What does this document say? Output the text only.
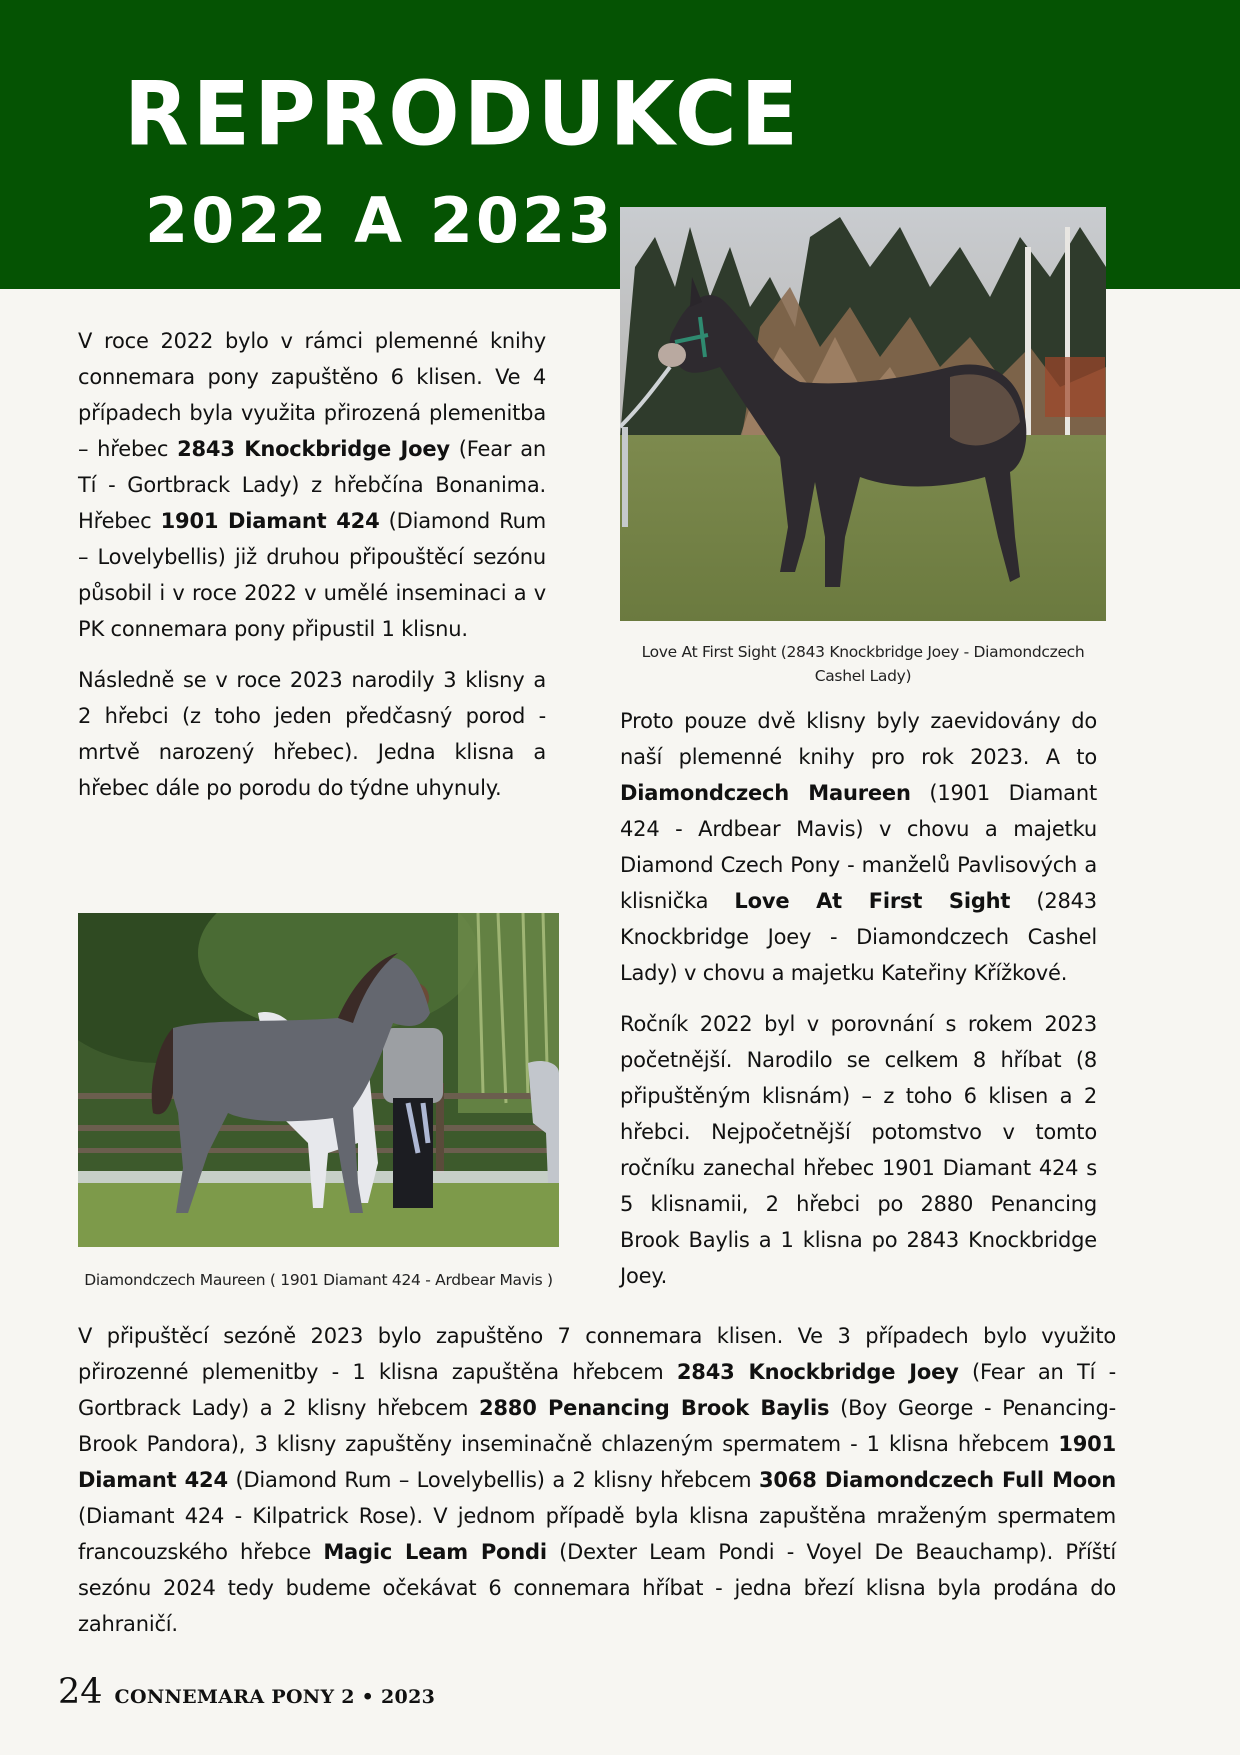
REPRODUKCE
2022 A 2023
Love At First Sight (2843 Knockbridge Joey - Diamondczech Cashel Lady)
Diamondczech Maureen ( 1901 Diamant 424 - Ardbear Mavis )

V roce 2022 bylo v rámci plemenné knihy connemara pony zapuštěno 6 klisen. Ve 4 případech byla využita přirozená plemenitba – hřebec 2843 Knockbridge Joey (Fear an Tí - Gortbrack Lady) z hřebčína Bonanima. Hřebec 1901 Diamant 424 (Diamond Rum – Lovelybellis) již druhou připouštěcí sezónu působil i v roce 2022 v umělé inseminaci a v PK connemara pony připustil 1 klisnu.

Následně se v roce 2023 narodily 3 klisny a 2 hřebci (z toho jeden předčasný porod - mrtvě narozený hřebec). Jedna klisna a hřebec dále po porodu do týdne uhynuly.

Proto pouze dvě klisny byly zaevidovány do naší plemenné knihy pro rok 2023. A to Diamondczech Maureen (1901 Diamant 424 - Ardbear Mavis) v chovu a majetku Diamond Czech Pony - manželů Pavlisových a klisnička Love At First Sight (2843 Knockbridge Joey - Diamondczech Cashel Lady) v chovu a majetku Kateřiny Křížkové.

Ročník 2022 byl v porovnání s rokem 2023 početnější. Narodilo se celkem 8 hříbat (8 připuštěným klisnám) – z toho 6 klisen a 2 hřebci. Nejpočetnější potomstvo v tomto ročníku zanechal hřebec 1901 Diamant 424 s 5 klisnamii, 2 hřebci po 2880 Penancing Brook Baylis a 1 klisna po 2843 Knockbridge Joey.

V připuštěcí sezóně 2023 bylo zapuštěno 7 connemara klisen. Ve 3 případech bylo využito přirozenné plemenitby - 1 klisna zapuštěna hřebcem 2843 Knockbridge Joey (Fear an Tí - Gortbrack Lady) a 2 klisny hřebcem 2880 Penancing Brook Baylis (Boy George - Penancing-Brook Pandora), 3 klisny zapuštěny inseminačně chlazeným spermatem - 1 klisna hřebcem 1901 Diamant 424 (Diamond Rum – Lovelybellis) a 2 klisny hřebcem 3068 Diamondczech Full Moon (Diamant 424 - Kilpatrick Rose). V jednom případě byla klisna zapuštěna mraženým spermatem francouzského hřebce Magic Leam Pondi (Dexter Leam Pondi - Voyel De Beauchamp). Příští sezónu 2024 tedy budeme očekávat 6 connemara hříbat - jedna březí klisna byla prodána do zahraničí.

24 CONNEMARA PONY 2 • 2023
